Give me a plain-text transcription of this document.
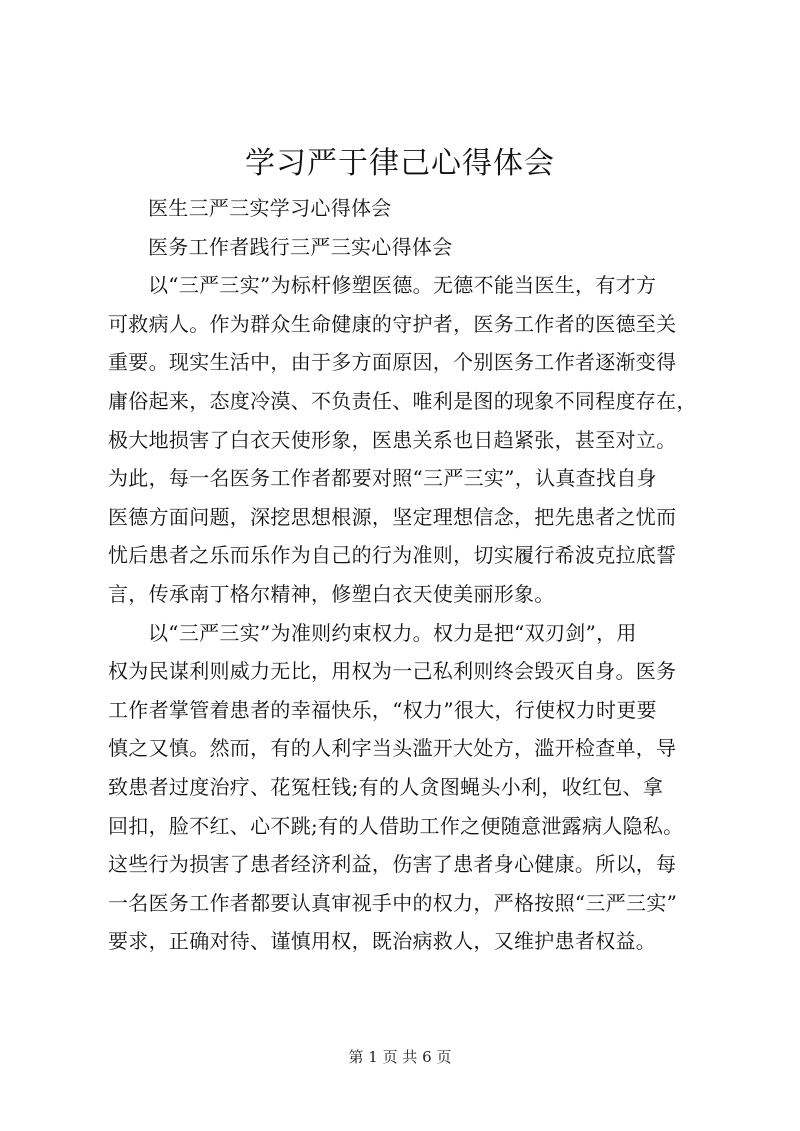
学习严于律己心得体会
医生三严三实学习心得体会
医务工作者践行三严三实心得体会
以“三严三实”为标杆修塑医德。无德不能当医生，有才方
可救病人。作为群众生命健康的守护者，医务工作者的医德至关
重要。现实生活中，由于多方面原因，个别医务工作者逐渐变得
庸俗起来，态度冷漠、不负责任、唯利是图的现象不同程度存在，
极大地损害了白衣天使形象，医患关系也日趋紧张，甚至对立。
为此，每一名医务工作者都要对照“三严三实”，认真查找自身
医德方面问题，深挖思想根源，坚定理想信念，把先患者之忧而
忧后患者之乐而乐作为自己的行为准则，切实履行希波克拉底誓
言，传承南丁格尔精神，修塑白衣天使美丽形象。
以“三严三实”为准则约束权力。权力是把“双刃剑”，用
权为民谋利则威力无比，用权为一己私利则终会毁灭自身。医务
工作者掌管着患者的幸福快乐，“权力”很大，行使权力时更要
慎之又慎。然而，有的人利字当头滥开大处方，滥开检查单，导
致患者过度治疗、花冤枉钱;有的人贪图蝇头小利，收红包、拿
回扣，脸不红、心不跳;有的人借助工作之便随意泄露病人隐私。
这些行为损害了患者经济利益，伤害了患者身心健康。所以，每
一名医务工作者都要认真审视手中的权力，严格按照“三严三实”
要求，正确对待、谨慎用权，既治病救人，又维护患者权益。
第 1 页 共 6 页
